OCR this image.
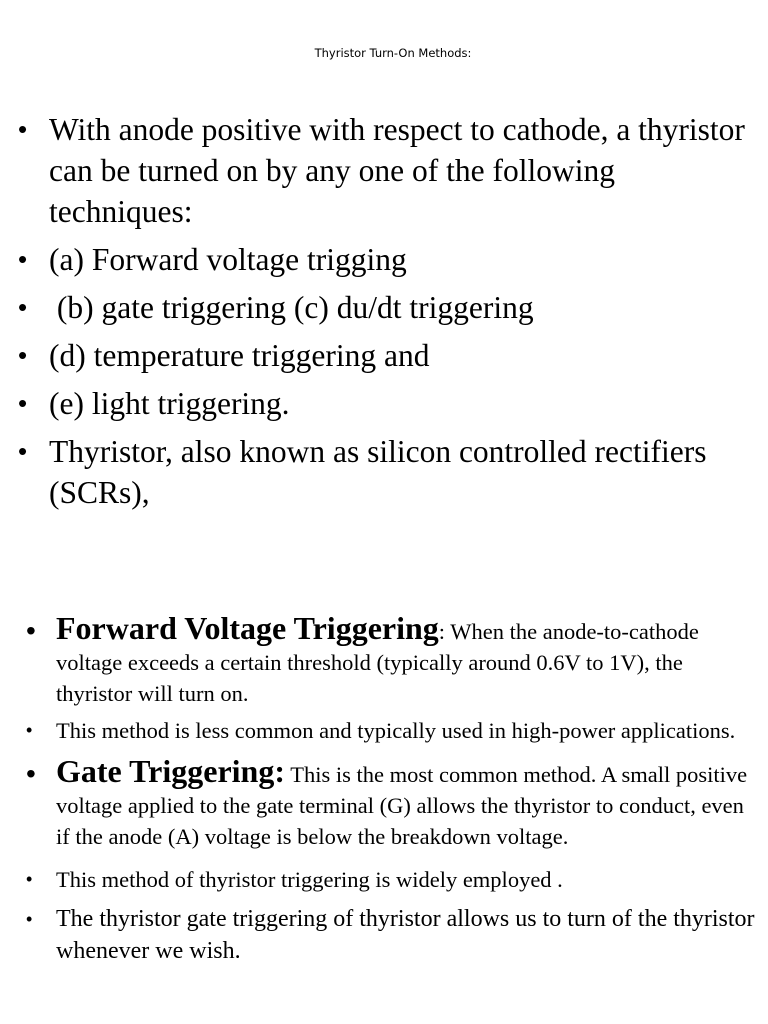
Thyristor Turn-On Methods:
• With anode positive with respect to cathode, a thyristor can be turned on by any one of the following techniques:
• (a) Forward voltage trigging
• (b) gate triggering (c) du/dt triggering
• (d) temperature triggering and
• (e) light triggering.
• Thyristor, also known as silicon controlled rectifiers (SCRs),
• Forward Voltage Triggering: When the anode-to-cathode voltage exceeds a certain threshold (typically around 0.6V to 1V), the thyristor will turn on.
• This method is less common and typically used in high-power applications.
• Gate Triggering: This is the most common method. A small positive voltage applied to the gate terminal (G) allows the thyristor to conduct, even if the anode (A) voltage is below the breakdown voltage.
• This method of thyristor triggering is widely employed .
• The thyristor gate triggering of thyristor allows us to turn of the thyristor whenever we wish.
